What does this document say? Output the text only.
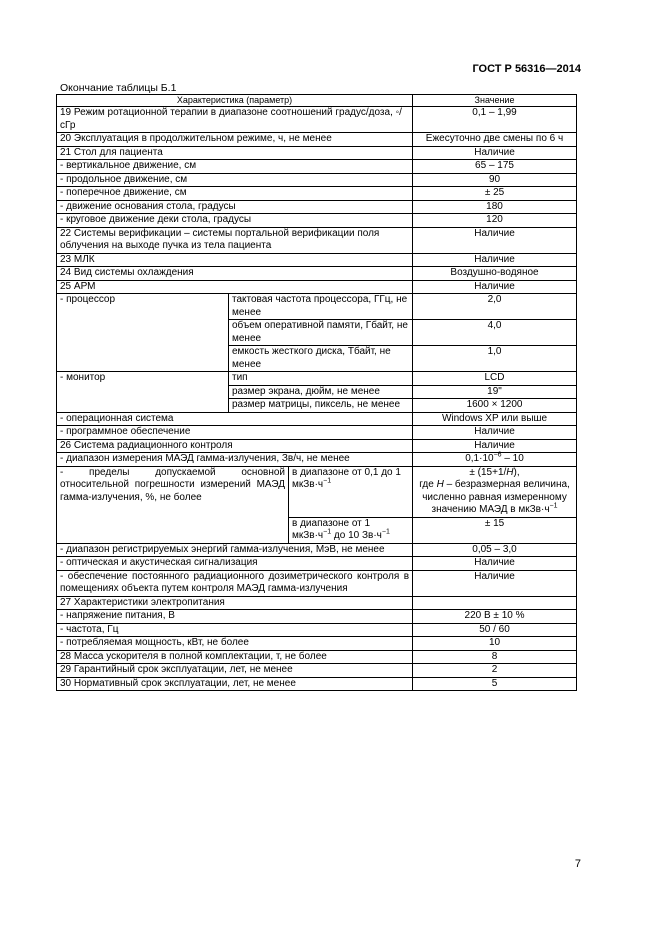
ГОСТ Р 56316—2014
Окончание таблицы Б.1
Характеристика (параметр)			Значение
19 Режим ротационной терапии в диапазоне соотношений градус/доза, ◦/сГр			0,1 – 1,99
20 Эксплуатация в продолжительном режиме, ч, не менее			Ежесуточно две смены по 6 ч
21 Стол для пациента			Наличие
- вертикальное движение, см			65 – 175
- продольное движение, см			90
- поперечное движение, см			± 25
- движение основания стола, градусы			180
- круговое движение деки стола, градусы			120
22 Системы верификации – системы портальной верификации поля облучения на выходе пучка из тела пациента			Наличие
23 МЛК			Наличие
24 Вид системы охлаждения			Воздушно-водяное
25 АРМ			Наличие
- процессор	тактовая частота процессора, ГГц, не менее		2,0
	объем оперативной памяти, Гбайт, не менее		4,0
	емкость жесткого диска, Тбайт, не менее		1,0
- монитор	тип		LCD
	размер экрана, дюйм, не менее		19"
	размер матрицы, пиксель, не менее		1600 × 1200
- операционная система			Windows XP или выше
- программное обеспечение			Наличие
26 Система радиационного контроля			Наличие
- диапазон измерения МАЭД гамма-излучения, Зв/ч, не менее			$0,1\cdot 10^{-6} - 10$
- пределы допускаемой основной относительной погрешности измерений МАЭД гамма-излучения, %, не более		в диапазоне от 0,1 до 1 $мкЗв\cdot ч^{-1}$	± (15+1/H),
где H – безразмерная величина, численно равная измеренному значению МАЭД в $мкЗв\cdot ч^{-1}$
		в диапазоне от 1 $мкЗв\cdot ч^{-1}$ до 10 $Зв\cdot ч^{-1}$	± 15
- диапазон регистрируемых энергий гамма-излучения, МэВ, не менее			0,05 – 3,0
- оптическая и акустическая сигнализация			Наличие
- обеспечение постоянного радиационного дозиметрического контроля в помещениях объекта путем контроля МАЭД гамма-излучения			Наличие
27 Характеристики электропитания			
- напряжение питания, В			220 В ± 10 %
- частота, Гц			50 / 60
- потребляемая мощность, кВт, не более			10
28 Масса ускорителя в полной комплектации, т, не более			8
29 Гарантийный срок эксплуатации, лет, не менее			2
30 Нормативный срок эксплуатации, лет, не менее			5
7
